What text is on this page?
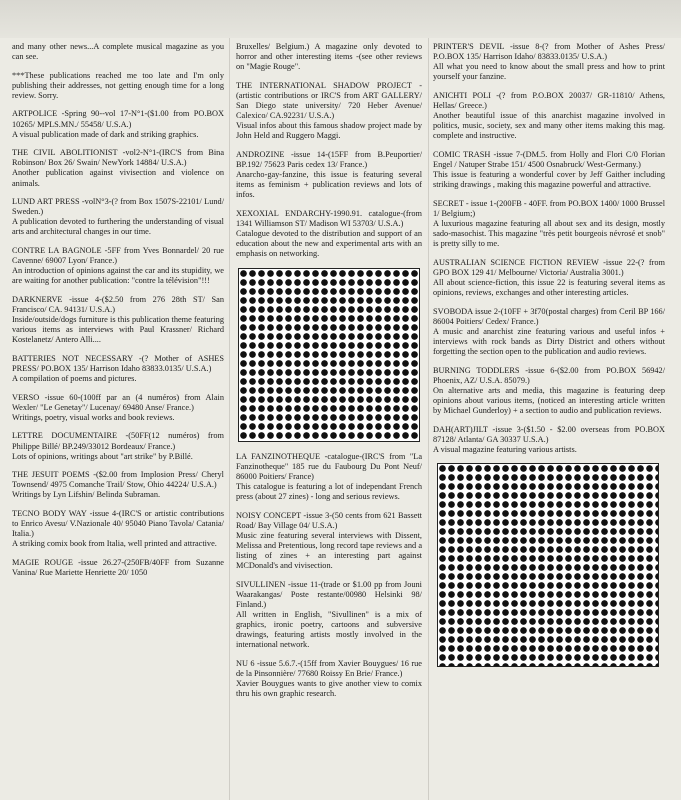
and many other news...A complete musical magazine as you can see.
***These publications reached me too late and I'm only publishing their addresses, not getting enough time for a long review. Sorry.
ARTPOLICE -Spring 90--vol 17-N°1-($1.00 from PO.BOX 10265/ MPLS.MN./ 55458/ U.S.A.)
A visual publication made of dark and striking graphics.
THE CIVIL ABOLITIONIST -vol2-N°1-(IRC'S from Bina Robinson/ Box 26/ Swain/ NewYork 14884/ U.S.A.)
Another publication against vivisection and violence on animals.
LUND ART PRESS -volN°3-(? from Box 1507S-22101/ Lund/ Sweden.)
A publication devoted to furthering the understanding of visual arts and architectural changes in our time.
CONTRE LA BAGNOLE -5FF from Yves Bonnardel/ 20 rue Cavenne/ 69007 Lyon/ France.)
An introduction of opinions against the car and its stupidity, we are waiting for another publication: "contre la télévision"!!!
DARKNERVE -issue 4-($2.50 from 276 28th ST/ San Francisco/ CA. 94131/ U.S.A.)
Inside/outside/dogs furniture is this publication theme featuring various items as interviews with Paul Krassner/ Richard Kostelanetz/ Antero Alli....
BATTERIES NOT NECESSARY -(? Mother of ASHES PRESS/ PO.BOX 135/ Harrison Idaho 83833.0135/ U.S.A.)
A compilation of poems and pictures.
VERSO -issue 60-(100ff par an (4 numéros) from Alain Wexler/ "Le Genetay"/ Lucenay/ 69480 Anse/ France.)
Writings, poetry, visual works and book reviews.
LETTRE DOCUMENTAIRE -(50FF(12 numéros) from Philippe Billé/ BP.249/33012 Bordeaux/ France.)
Lots of opinions, writings about "art strike" by P.Billé.
THE JESUIT POEMS -($2.00 from Implosion Press/ Cheryl Townsend/ 4975 Comanche Trail/ Stow, Ohio 44224/ U.S.A.)
Writings by Lyn Lifshin/ Belinda Subraman.
TECNO BODY WAY -issue 4-(IRC'S or artistic contributions to Enrico Avesu/ V.Nazionale 40/ 95040 Piano Tavola/ Catania/ Italia.)
A striking comix book from Italia, well printed and attractive.
MAGIE ROUGE -issue 26.27-(250FB/40FF from Suzanne Vanina/ Rue Mariette Henriette 20/ 1050
Bruxelles/ Belgium.) A magazine only devoted to horror and other interesting items -(see other reviews on "Magie Rouge".
THE INTERNATIONAL SHADOW PROJECT -(artistic contributions or IRC'S from ART GALLERY/ San Diego state university/ 720 Heber Avenue/ Calexico/ CA.92231/ U.S.A.)
Visual infos about this famous shadow project made by John Held and Ruggero Maggi.
ANDROZINE -issue 14-(15FF from B.Peuportier/ BP.192/ 75623 Paris cedex 13/ France.)
Anarcho-gay-fanzine, this issue is featuring several items as feminism + publication reviews and lots of infos.
XEXOXIAL ENDARCHY-1990.91. catalogue-(from 1341 Williamson ST/ Madison WI 53703/ U.S.A.)
Catalogue devoted to the distribution and support of an education about the new and experimental arts with an emphasis on networking.
LA FANZINOTHEQUE -catalogue-(IRC'S from "La Fanzinotheque" 185 rue du Faubourg Du Pont Neuf/ 86000 Poitiers/ France)
This catalogue is featuring a lot of independant French press (about 27 zines) - long and serious reviews.
NOISY CONCEPT -issue 3-(50 cents from 621 Bassett Road/ Bay Village 04/ U.S.A.)
Music zine featuring several interviews with Dissent, Melissa and Pretentious, long record tape reviews and a listing of zines + an interesting part against MCDonald's and vivisection.
SIVULLINEN -issue 11-(trade or $1.00 pp from Jouni Waarakangas/ Poste restante/00980 Helsinki 98/ Finland.)
All written in English, "Sivullinen" is a mix of graphics, ironic poetry, cartoons and subversive drawings, featuring artists mostly involved in the international network.
NU 6 -issue 5.6.7.-(15ff from Xavier Bouygues/ 16 rue de la Pinsonnière/ 77680 Roissy En Brie/ France.)
Xavier Bouygues wants to give another view to comix thru his own graphic research.
PRINTER'S DEVIL -issue 8-(? from Mother of Ashes Press/ P.O.BOX 135/ Harrison Idaho/ 83833.0135/ U.S.A.)
All what you need to know about the small press and how to print yourself your fanzine.
ANICHTI POLI -(? from P.O.BOX 20037/ GR-11810/ Athens, Hellas/ Greece.)
Another beautiful issue of this anarchist magazine involved in politics, music, society, sex and many other items making this mag. complete and instructive.
COMIC TRASH -issue 7-(DM.5. from Holly and Flori C/0 Florian Engel / Natuper Strabe 151/ 4500 Osnabruck/ West-Germany.)
This issue is featuring a wonderful cover by Jeff Gaither including striking drawings , making this magazine powerful and attractive.
SECRET - issue 1-(200FB - 40FF. from PO.BOX 1400/ 1000 Brussel 1/ Belgium;)
A luxurious magazine featuring all about sex and its design, mostly sado-masochist. This magazine "très petit bourgeois névrosé et snob" is pretty silly to me.
AUSTRALIAN SCIENCE FICTION REVIEW -issue 22-(? from GPO BOX 129 41/ Melbourne/ Victoria/ Australia 3001.)
All about science-fiction, this issue 22 is featuring several items as opinions, reviews, exchanges and other interesting articles.
SVOBODA issue 2-(10FF + 3f70(postal charges) from Ceril BP 166/ 86004 Poitiers/ Cedex/ France.)
A music and anarchist zine featuring various and useful infos + interviews with rock bands as Dirty District and others without forgetting the section open to the publication and audio reviews.
BURNING TODDLERS -issue 6-($2.00 from PO.BOX 56942/ Phoenix, AZ/ U.S.A. 85079.)
On alternative arts and media, this magazine is featuring deep opinions about various items, (noticed an interesting article written by Michael Gunderloy) + a section to audio and publication reviews.
DAH(ART)JILT -issue 3-($1.50 - $2.00 overseas from PO.BOX 87128/ Atlanta/ GA 30337 U.S.A.)
A visual magazine featuring various artists.
